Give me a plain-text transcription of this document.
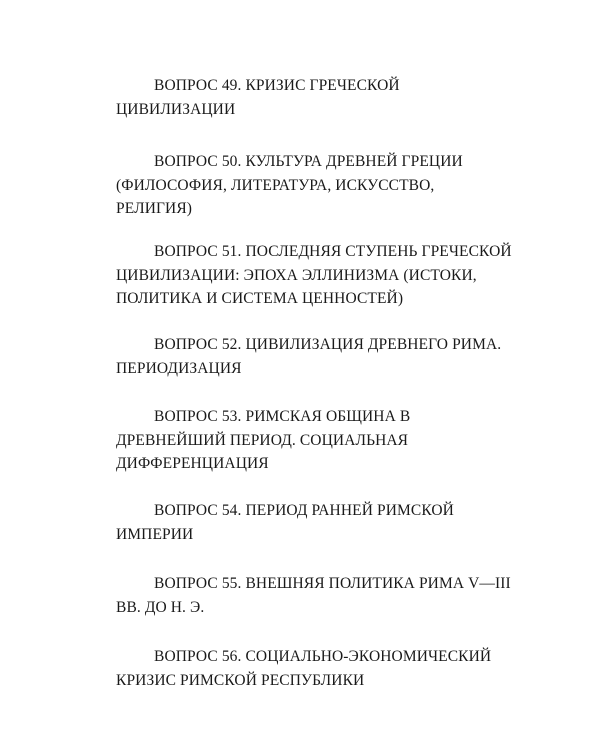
ВОПРОС 49. КРИЗИС ГРЕЧЕСКОЙ
ЦИВИЛИЗАЦИИ

ВОПРОС 50. КУЛЬТУРА ДРЕВНЕЙ ГРЕЦИИ
(ФИЛОСОФИЯ, ЛИТЕРАТУРА, ИСКУССТВО,
РЕЛИГИЯ)

ВОПРОС 51. ПОСЛЕДНЯЯ СТУПЕНЬ ГРЕЧЕСКОЙ
ЦИВИЛИЗАЦИИ: ЭПОХА ЭЛЛИНИЗМА (ИСТОКИ,
ПОЛИТИКА И СИСТЕМА ЦЕННОСТЕЙ)

ВОПРОС 52. ЦИВИЛИЗАЦИЯ ДРЕВНЕГО РИМА.
ПЕРИОДИЗАЦИЯ

ВОПРОС 53. РИМСКАЯ ОБЩИНА В
ДРЕВНЕЙШИЙ ПЕРИОД. СОЦИАЛЬНАЯ
ДИФФЕРЕНЦИАЦИЯ

ВОПРОС 54. ПЕРИОД РАННЕЙ РИМСКОЙ
ИМПЕРИИ

ВОПРОС 55. ВНЕШНЯЯ ПОЛИТИКА РИМА V—III
ВВ. ДО Н. Э.

ВОПРОС 56. СОЦИАЛЬНО-ЭКОНОМИЧЕСКИЙ
КРИЗИС РИМСКОЙ РЕСПУБЛИКИ
